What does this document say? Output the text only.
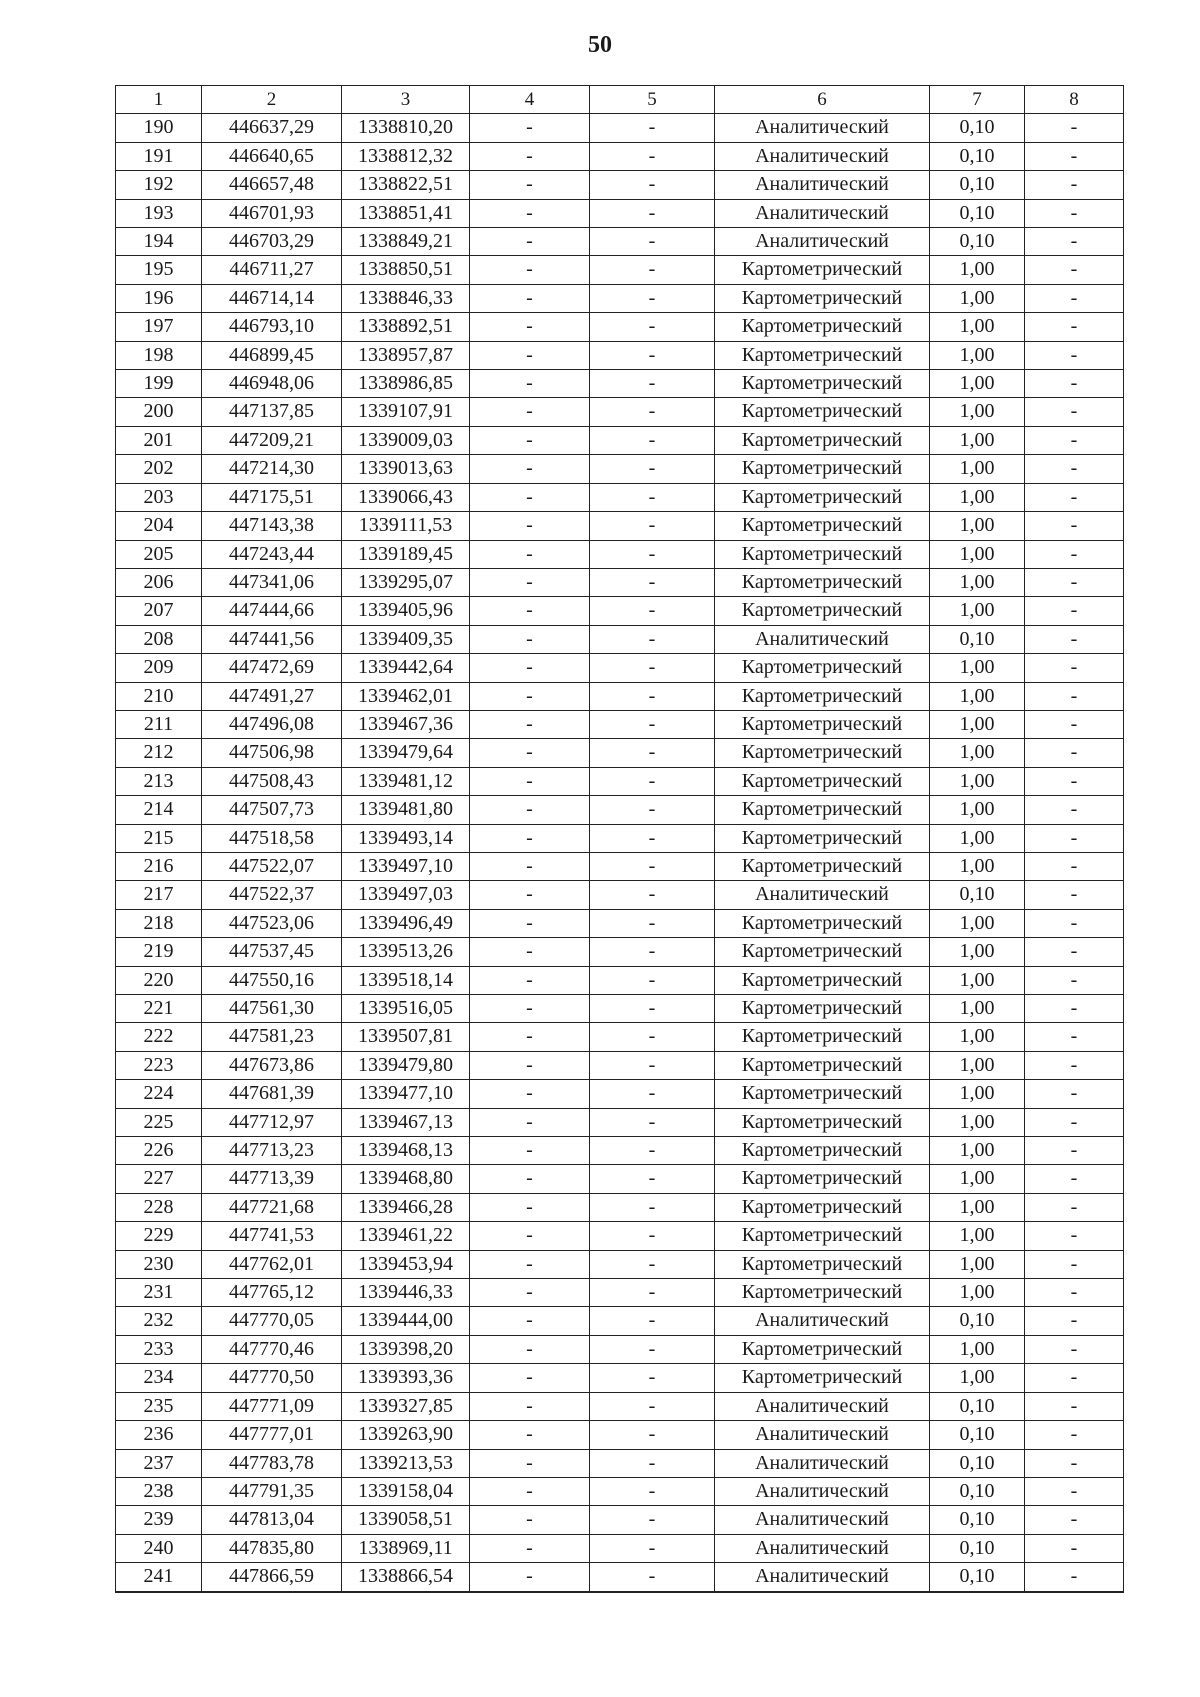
50
1	2	3	4	5	6	7	8
190	446637,29	1338810,20	-	-	Аналитический	0,10	-
191	446640,65	1338812,32	-	-	Аналитический	0,10	-
192	446657,48	1338822,51	-	-	Аналитический	0,10	-
193	446701,93	1338851,41	-	-	Аналитический	0,10	-
194	446703,29	1338849,21	-	-	Аналитический	0,10	-
195	446711,27	1338850,51	-	-	Картометрический	1,00	-
196	446714,14	1338846,33	-	-	Картометрический	1,00	-
197	446793,10	1338892,51	-	-	Картометрический	1,00	-
198	446899,45	1338957,87	-	-	Картометрический	1,00	-
199	446948,06	1338986,85	-	-	Картометрический	1,00	-
200	447137,85	1339107,91	-	-	Картометрический	1,00	-
201	447209,21	1339009,03	-	-	Картометрический	1,00	-
202	447214,30	1339013,63	-	-	Картометрический	1,00	-
203	447175,51	1339066,43	-	-	Картометрический	1,00	-
204	447143,38	1339111,53	-	-	Картометрический	1,00	-
205	447243,44	1339189,45	-	-	Картометрический	1,00	-
206	447341,06	1339295,07	-	-	Картометрический	1,00	-
207	447444,66	1339405,96	-	-	Картометрический	1,00	-
208	447441,56	1339409,35	-	-	Аналитический	0,10	-
209	447472,69	1339442,64	-	-	Картометрический	1,00	-
210	447491,27	1339462,01	-	-	Картометрический	1,00	-
211	447496,08	1339467,36	-	-	Картометрический	1,00	-
212	447506,98	1339479,64	-	-	Картометрический	1,00	-
213	447508,43	1339481,12	-	-	Картометрический	1,00	-
214	447507,73	1339481,80	-	-	Картометрический	1,00	-
215	447518,58	1339493,14	-	-	Картометрический	1,00	-
216	447522,07	1339497,10	-	-	Картометрический	1,00	-
217	447522,37	1339497,03	-	-	Аналитический	0,10	-
218	447523,06	1339496,49	-	-	Картометрический	1,00	-
219	447537,45	1339513,26	-	-	Картометрический	1,00	-
220	447550,16	1339518,14	-	-	Картометрический	1,00	-
221	447561,30	1339516,05	-	-	Картометрический	1,00	-
222	447581,23	1339507,81	-	-	Картометрический	1,00	-
223	447673,86	1339479,80	-	-	Картометрический	1,00	-
224	447681,39	1339477,10	-	-	Картометрический	1,00	-
225	447712,97	1339467,13	-	-	Картометрический	1,00	-
226	447713,23	1339468,13	-	-	Картометрический	1,00	-
227	447713,39	1339468,80	-	-	Картометрический	1,00	-
228	447721,68	1339466,28	-	-	Картометрический	1,00	-
229	447741,53	1339461,22	-	-	Картометрический	1,00	-
230	447762,01	1339453,94	-	-	Картометрический	1,00	-
231	447765,12	1339446,33	-	-	Картометрический	1,00	-
232	447770,05	1339444,00	-	-	Аналитический	0,10	-
233	447770,46	1339398,20	-	-	Картометрический	1,00	-
234	447770,50	1339393,36	-	-	Картометрический	1,00	-
235	447771,09	1339327,85	-	-	Аналитический	0,10	-
236	447777,01	1339263,90	-	-	Аналитический	0,10	-
237	447783,78	1339213,53	-	-	Аналитический	0,10	-
238	447791,35	1339158,04	-	-	Аналитический	0,10	-
239	447813,04	1339058,51	-	-	Аналитический	0,10	-
240	447835,80	1338969,11	-	-	Аналитический	0,10	-
241	447866,59	1338866,54	-	-	Аналитический	0,10	-
